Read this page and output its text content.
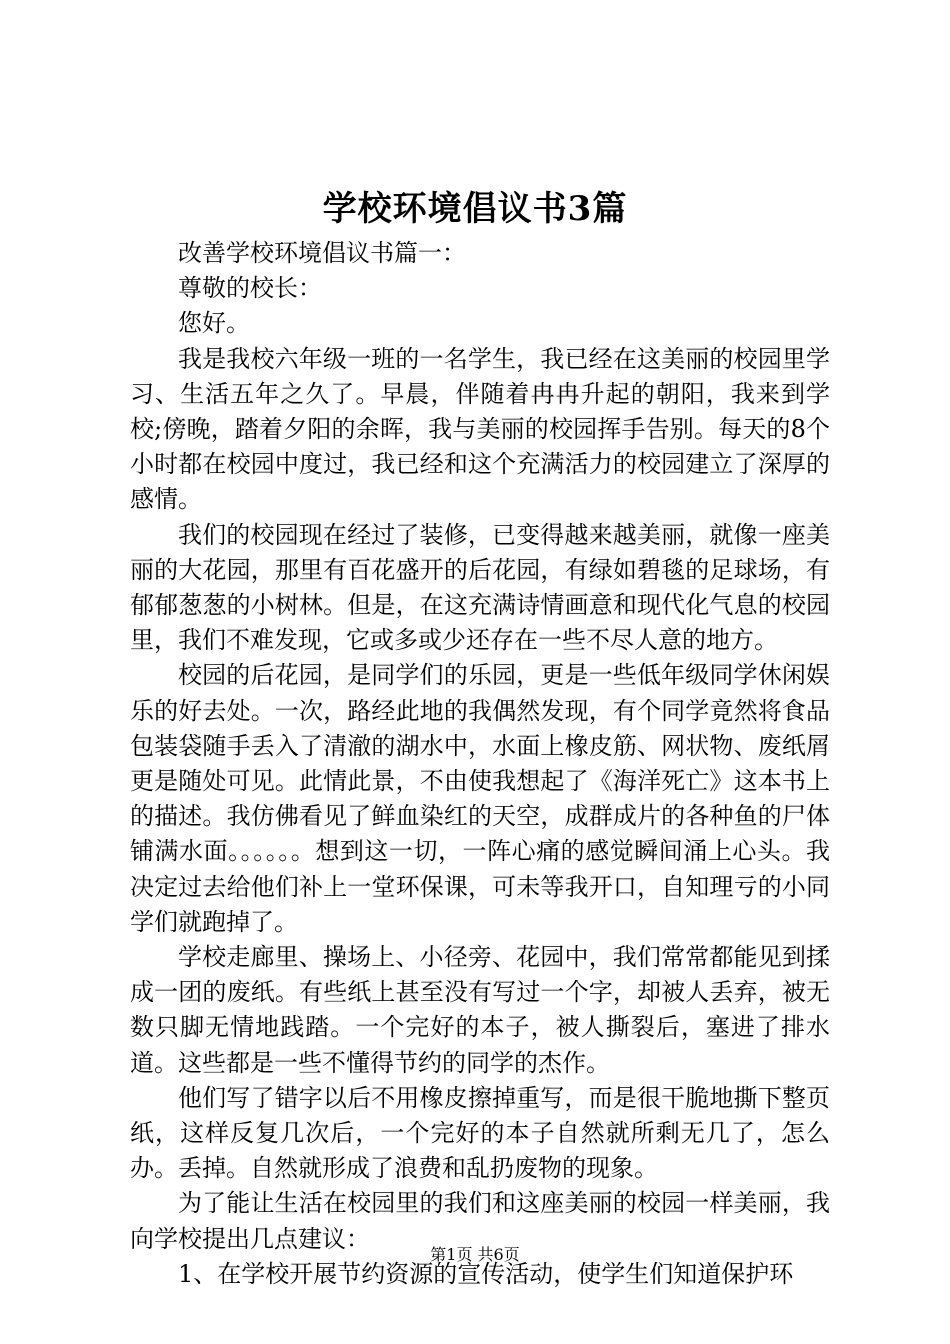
学校环境倡议书3篇

改善学校环境倡议书篇一：

尊敬的校长：

您好。

我是我校六年级一班的一名学生，我已经在这美丽的校园里学习、生活五年之久了。早晨，伴随着冉冉升起的朝阳，我来到学校;傍晚，踏着夕阳的余晖，我与美丽的校园挥手告别。每天的8个小时都在校园中度过，我已经和这个充满活力的校园建立了深厚的感情。

我们的校园现在经过了装修，已变得越来越美丽，就像一座美丽的大花园，那里有百花盛开的后花园，有绿如碧毯的足球场，有郁郁葱葱的小树林。但是，在这充满诗情画意和现代化气息的校园里，我们不难发现，它或多或少还存在一些不尽人意的地方。

校园的后花园，是同学们的乐园，更是一些低年级同学休闲娱乐的好去处。一次，路经此地的我偶然发现，有个同学竟然将食品包装袋随手丢入了清澈的湖水中，水面上橡皮筋、网状物、废纸屑更是随处可见。此情此景，不由使我想起了《海洋死亡》这本书上的描述。我仿佛看见了鲜血染红的天空，成群成片的各种鱼的尸体铺满水面。。。。。。想到这一切，一阵心痛的感觉瞬间涌上心头。我决定过去给他们补上一堂环保课，可未等我开口，自知理亏的小同学们就跑掉了。

学校走廊里、操场上、小径旁、花园中，我们常常都能见到揉成一团的废纸。有些纸上甚至没有写过一个字，却被人丢弃，被无数只脚无情地践踏。一个完好的本子，被人撕裂后，塞进了排水道。这些都是一些不懂得节约的同学的杰作。

他们写了错字以后不用橡皮擦掉重写，而是很干脆地撕下整页纸，这样反复几次后，一个完好的本子自然就所剩无几了，怎么办。丢掉。自然就形成了浪费和乱扔废物的现象。

为了能让生活在校园里的我们和这座美丽的校园一样美丽，我向学校提出几点建议：

1、在学校开展节约资源的宣传活动，使学生们知道保护环

第1页 共6页
